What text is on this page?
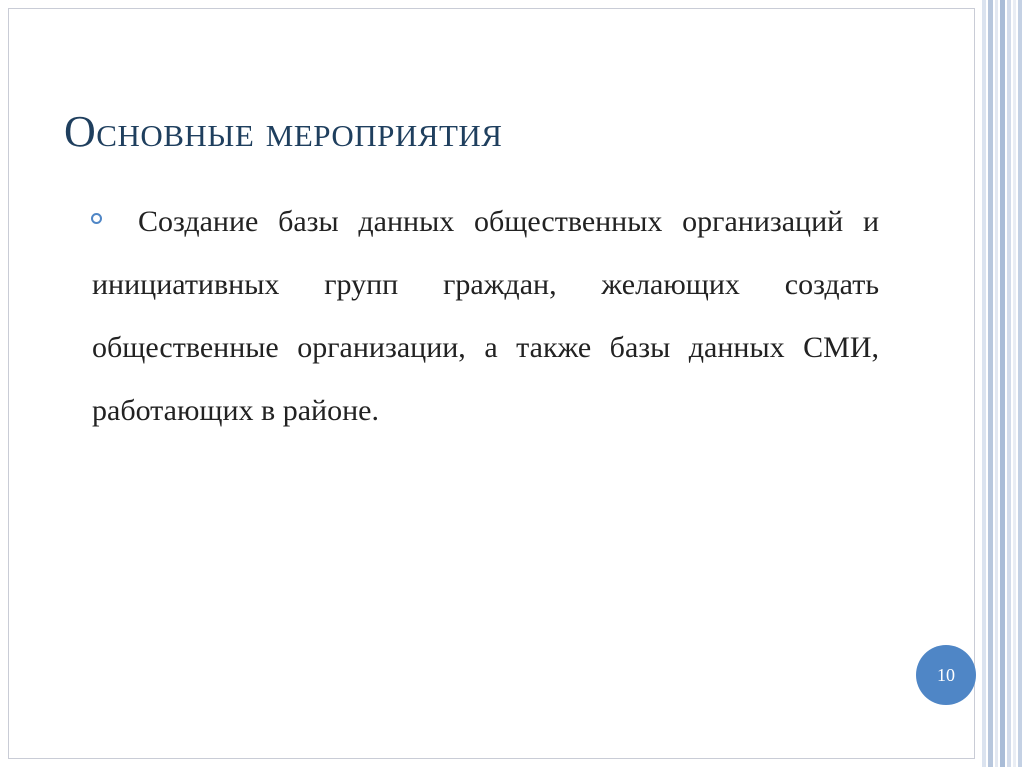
Основные мероприятия

Создание базы данных общественных организаций и инициативных групп граждан, желающих создать общественные организации, а также базы данных СМИ, работающих в районе.

10
